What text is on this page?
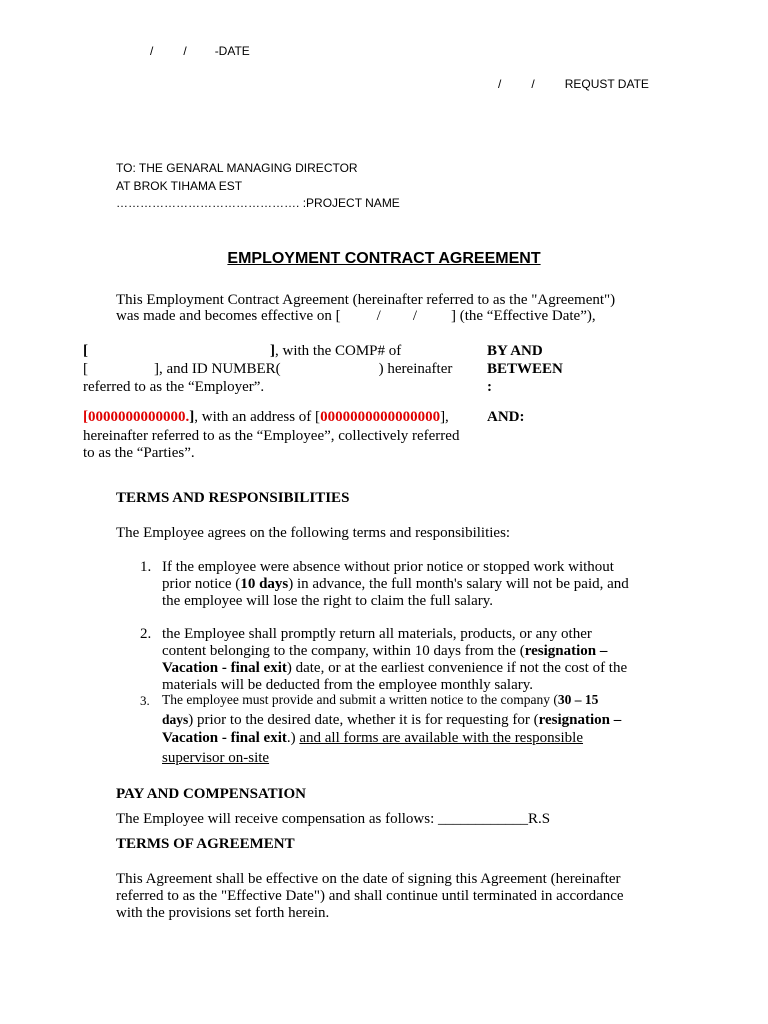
/	/ -DATE
/	/	REQUST DATE
TO: THE GENARAL MANAGING DIRECTOR
AT BROK TIHAMA EST
………………………………………. :PROJECT NAME
EMPLOYMENT CONTRACT AGREEMENT
This Employment Contract Agreement (hereinafter referred to as the "Agreement")
was made and becomes effective on [ / / ] (the “Effective Date”),
[	], with the COMP# of
[	], and ID NUMBER(	) hereinafter
referred to as the “Employer”.
BY AND
BETWEEN
:
[0000000000000.], with an address of [0000000000000000],
hereinafter referred to as the “Employee”, collectively referred
to as the “Parties”.
AND:
TERMS AND RESPONSIBILITIES
The Employee agrees on the following terms and responsibilities:
1. If the employee were absence without prior notice or stopped work without
prior notice (10 days) in advance, the full month's salary will not be paid, and
the employee will lose the right to claim the full salary.
2. the Employee shall promptly return all materials, products, or any other
content belonging to the company, within 10 days from the (resignation –
Vacation - final exit) date, or at the earliest convenience if not the cost of the
materials will be deducted from the employee monthly salary.
3. The employee must provide and submit a written notice to the company (30 – 15
days) prior to the desired date, whether it is for requesting for (resignation –
Vacation - final exit.) and all forms are available with the responsible
supervisor on-site
PAY AND COMPENSATION
The Employee will receive compensation as follows: ____________R.S
TERMS OF AGREEMENT
This Agreement shall be effective on the date of signing this Agreement (hereinafter
referred to as the "Effective Date") and shall continue until terminated in accordance
with the provisions set forth herein.
